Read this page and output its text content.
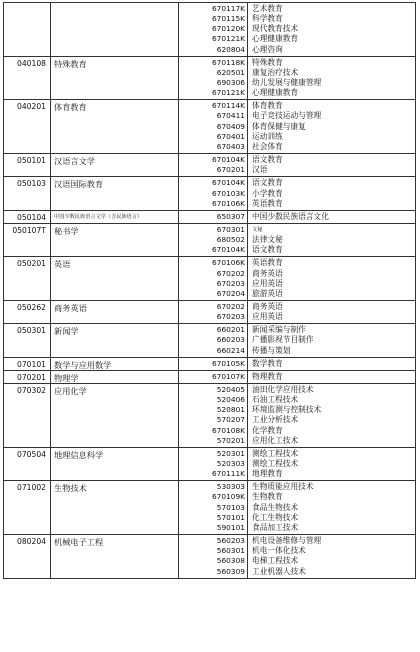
670117K 艺术教育
670115K 科学教育
670120K 现代教育技术
670121K 心理健康教育
620804 心理咨询
040108 特殊教育	670118K 特殊教育
620501 康复治疗技术
690306 幼儿发展与健康管理
670121K 心理健康教育
040201 体育教育	670114K 体育教育
670411 电子竞技运动与管理
670409 体育保健与康复
670401 运动训练
670403 社会体育
050101 汉语言文学	670104K 语文教育
670201 汉语
050103 汉语国际教育	670104K 语文教育
670103K 小学教育
670106K 英语教育
050104	中国少数民族语言文学（含民族语言）	650307 中国少数民族语言文化
050107T 秘书学	670301 文秘
680502 法律文秘
670104K 语文教育
050201 英语	670106K 英语教育
670202 商务英语
670203 应用英语
670204 旅游英语
050262 商务英语	670202 商务英语
670203 应用英语
050301 新闻学	660201 新闻采编与制作
660203 广播影视节目制作
660214 传播与策划
070101 数学与应用数学	670105K 数学教育
070201 物理学	670107K 物理教育
070302 应用化学	520405 油田化学应用技术
520406 石油工程技术
520801 环境监测与控制技术
570207 工业分析技术
670108K 化学教育
570201 应用化工技术
070504 地理信息科学	520301 测绘工程技术
520303 测绘工程技术
670111K 地理教育
071002 生物技术	530303 生物质能应用技术
670109K 生物教育
570103 食品生物技术
570101 化工生物技术
590101 食品加工技术
080204 机械电子工程	560203 机电设备维修与管理
560301 机电一体化技术
560308 电梯工程技术
560309 工业机器人技术
